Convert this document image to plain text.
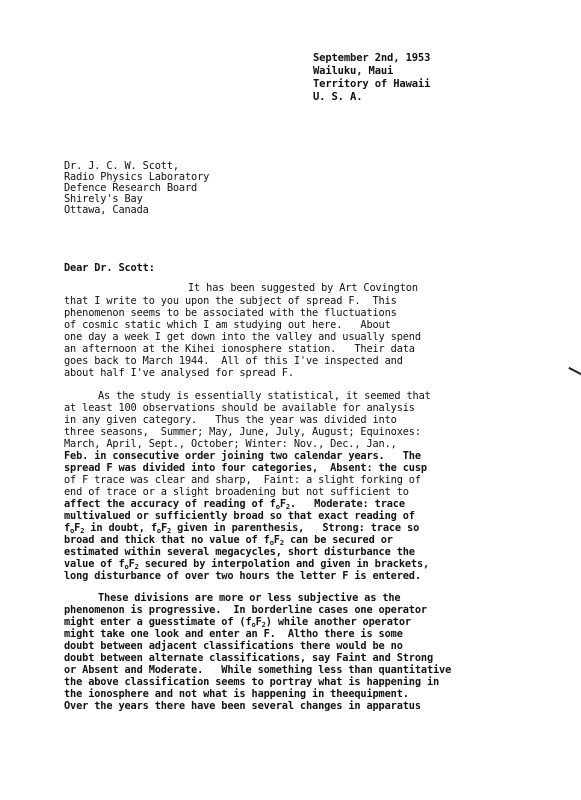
September 2nd, 1953
Wailuku, Maui
Territory of Hawaii
U. S. A.
Dr. J. C. W. Scott,
Radio Physics Laboratory
Defence Research Board
Shirely's Bay
Ottawa, Canada
Dear Dr. Scott:
It has been suggested by Art Covington
that I write to you upon the subject of spread F.  This
phenomenon seems to be associated with the fluctuations
of cosmic static which I am studying out here.   About
one day a week I get down into the valley and usually spend
an afternoon at the Kihei ionosphere station.   Their data
goes back to March 1944.  All of this I've inspected and
about half I've analysed for spread F.
As the study is essentially statistical, it seemed that
at least 100 observations should be available for analysis
in any given category.   Thus the year was divided into
three seasons,  Summer; May, June, July, August; Equinoxes:
March, April, Sept., October; Winter: Nov., Dec., Jan.,
Feb. in consecutive order joining two calendar years.   The
spread F was divided into four categories,  Absent: the cusp
of F trace was clear and sharp,  Faint: a slight forking of
end of trace or a slight broadening but not sufficient to
affect the accuracy of reading of $f_oF_2$.   Moderate: trace
multivalued or sufficiently broad so that exact reading of
$f_oF_2$ in doubt, $f_oF_2$ given in parenthesis,   Strong: trace so
broad and thick that no value of $f_oF_2$ can be secured or
estimated within several megacycles, short disturbance the
value of $f_oF_2$ secured by interpolation and given in brackets,
long disturbance of over two hours the letter F is entered.
These divisions are more or less subjective as the
phenomenon is progressive.  In borderline cases one operator
might enter a guesstimate of $(f_oF_2)$ while another operator
might take one look and enter an F.  Altho there is some
doubt between adjacent classifications there would be no
doubt between alternate classifications, say Faint and Strong
or Absent and Moderate.   While something less than quantitative
the above classification seems to portray what is happening in
the ionosphere and not what is happening in theequipment.
Over the years there have been several changes in apparatus
